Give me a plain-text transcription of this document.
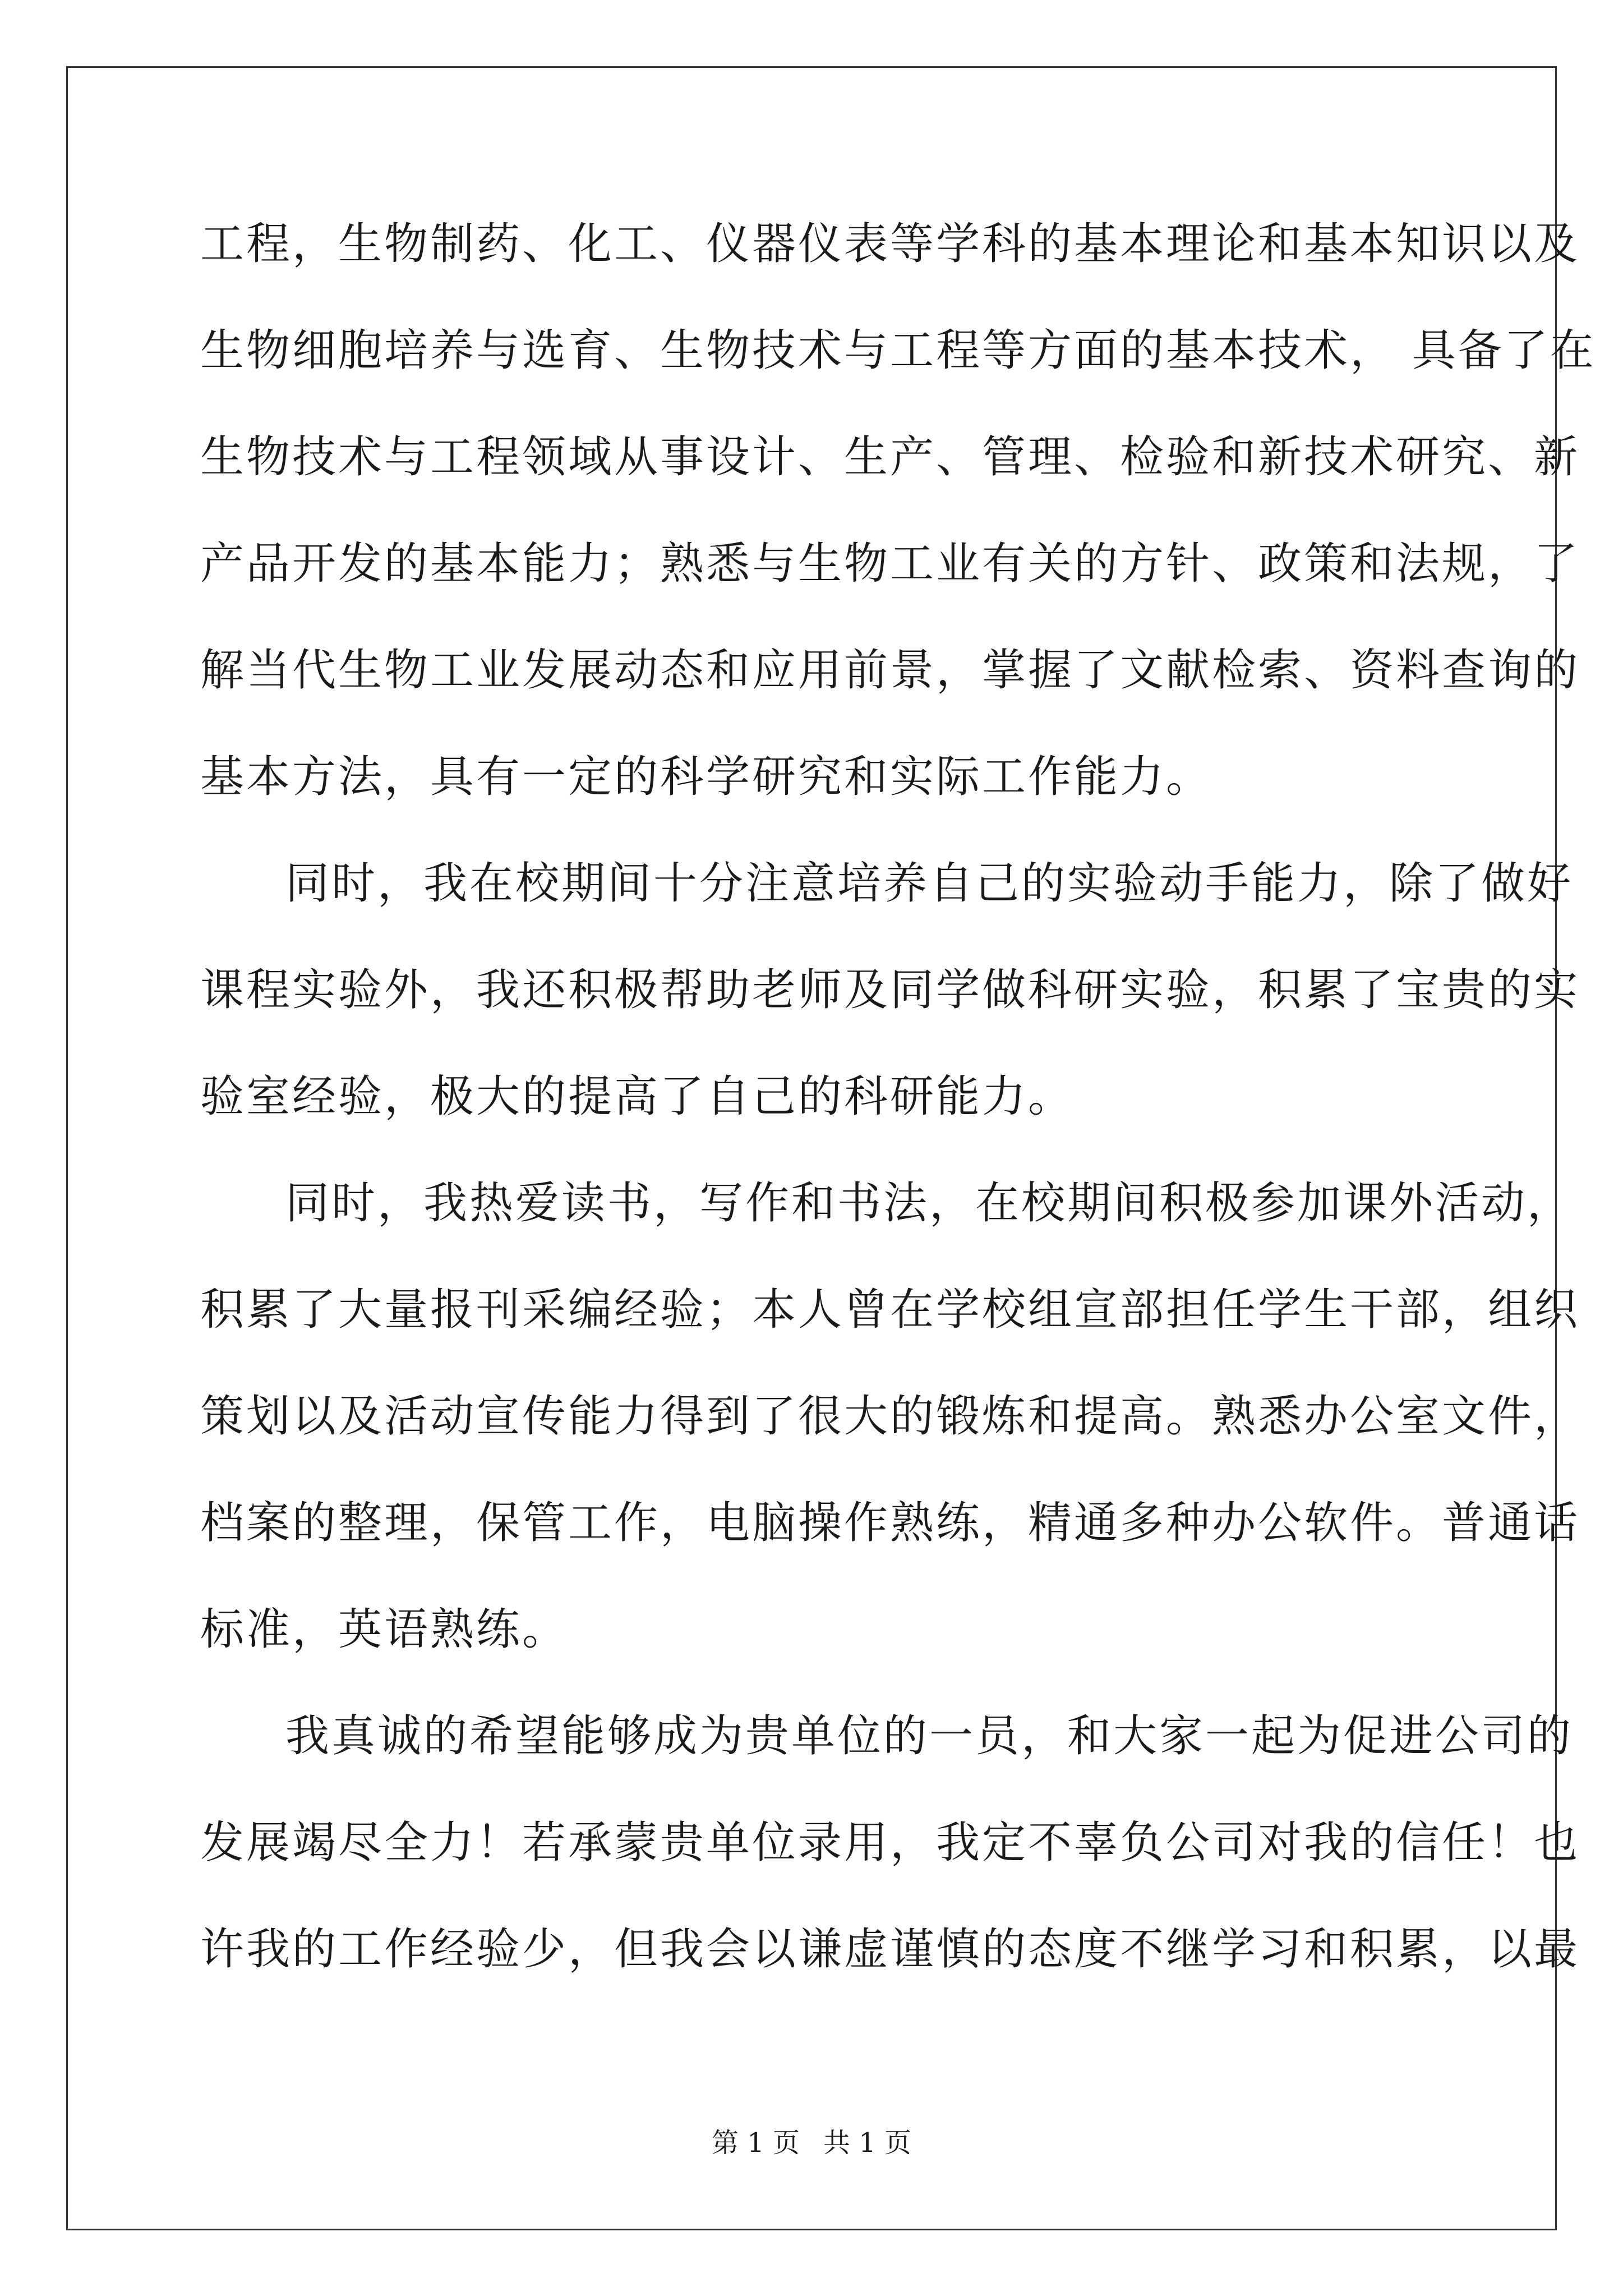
工程，生物制药、化工、仪器仪表等学科的基本理论和基本知识以及
生物细胞培养与选育、生物技术与工程等方面的基本技术， 具备了在
生物技术与工程领域从事设计、生产、管理、检验和新技术研究、新
产品开发的基本能力；熟悉与生物工业有关的方针、政策和法规，了
解当代生物工业发展动态和应用前景，掌握了文献检索、资料查询的
基本方法，具有一定的科学研究和实际工作能力。
同时，我在校期间十分注意培养自己的实验动手能力，除了做好
课程实验外，我还积极帮助老师及同学做科研实验，积累了宝贵的实
验室经验，极大的提高了自己的科研能力。
同时，我热爱读书，写作和书法，在校期间积极参加课外活动，
积累了大量报刊采编经验；本人曾在学校组宣部担任学生干部，组织
策划以及活动宣传能力得到了很大的锻炼和提高。熟悉办公室文件，
档案的整理，保管工作，电脑操作熟练，精通多种办公软件。普通话
标准，英语熟练。
我真诚的希望能够成为贵单位的一员，和大家一起为促进公司的
发展竭尽全力！若承蒙贵单位录用，我定不辜负公司对我的信任！也
许我的工作经验少，但我会以谦虚谨慎的态度不继学习和积累，以最
第 1 页 共 1 页
